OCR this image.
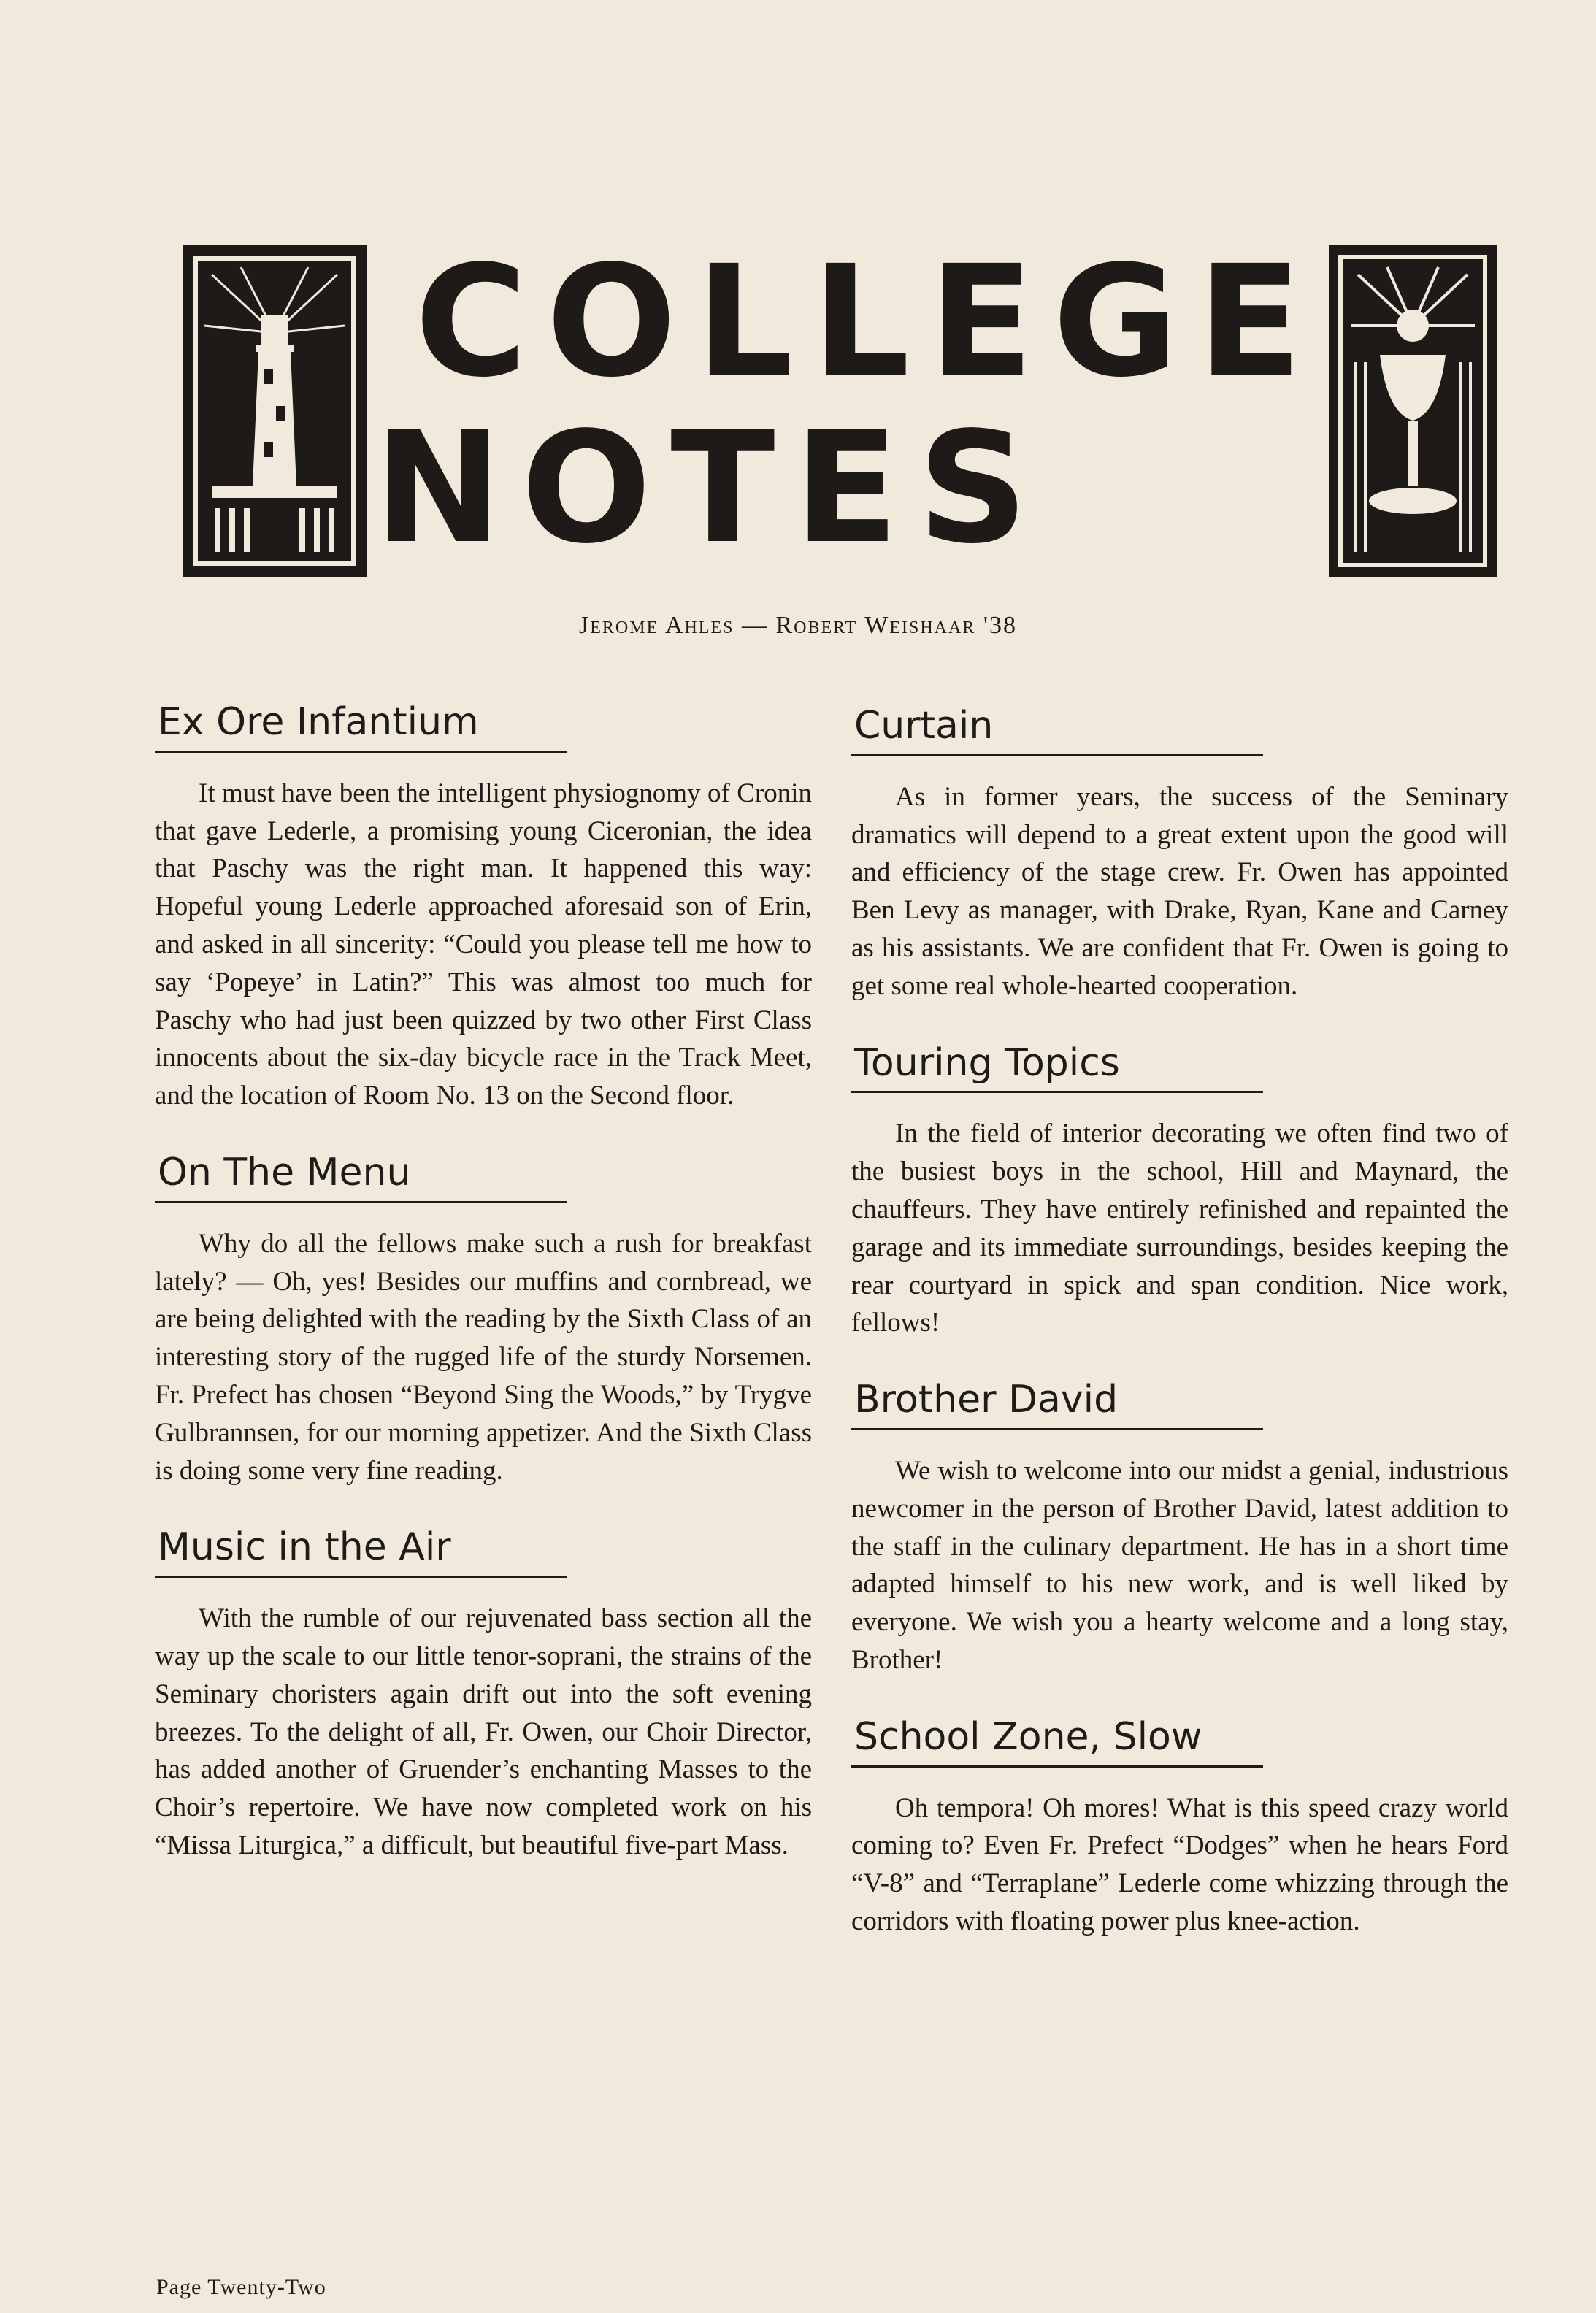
COLLEGE
NOTES
Jerome Ahles — Robert Weishaar '38
Ex Ore Infantium

It must have been the intelligent physiognomy of Cronin that gave Lederle, a promising young Ciceronian, the idea that Paschy was the right man. It happened this way: Hopeful young Lederle approached aforesaid son of Erin, and asked in all sincerity: “Could you please tell me how to say ‘Popeye’ in Latin?” This was almost too much for Paschy who had just been quizzed by two other First Class innocents about the six-day bicycle race in the Track Meet, and the location of Room No. 13 on the Second floor.

On The Menu

Why do all the fellows make such a rush for breakfast lately? — Oh, yes! Besides our muffins and cornbread, we are being delighted with the reading by the Sixth Class of an interesting story of the rugged life of the sturdy Norsemen. Fr. Prefect has chosen “Beyond Sing the Woods,” by Trygve Gulbrannsen, for our morning appetizer. And the Sixth Class is doing some very fine reading.

Music in the Air

With the rumble of our rejuvenated bass section all the way up the scale to our little tenor-soprani, the strains of the Seminary choristers again drift out into the soft evening breezes. To the delight of all, Fr. Owen, our Choir Director, has added another of Gruender’s enchanting Masses to the Choir’s repertoire. We have now completed work on his “Missa Liturgica,” a difficult, but beautiful five-part Mass.

Curtain

As in former years, the success of the Seminary dramatics will depend to a great extent upon the good will and efficiency of the stage crew. Fr. Owen has appointed Ben Levy as manager, with Drake, Ryan, Kane and Carney as his assistants. We are confident that Fr. Owen is going to get some real whole-hearted cooperation.

Touring Topics

In the field of interior decorating we often find two of the busiest boys in the school, Hill and Maynard, the chauffeurs. They have entirely refinished and repainted the garage and its immediate surroundings, besides keeping the rear courtyard in spick and span condition. Nice work, fellows!

Brother David

We wish to welcome into our midst a genial, industrious newcomer in the person of Brother David, latest addition to the staff in the culinary department. He has in a short time adapted himself to his new work, and is well liked by everyone. We wish you a hearty welcome and a long stay, Brother!

School Zone, Slow

Oh tempora! Oh mores! What is this speed crazy world coming to? Even Fr. Prefect “Dodges” when he hears Ford “V-8” and “Terraplane” Lederle come whizzing through the corridors with floating power plus knee-action.

Page Twenty-Two
